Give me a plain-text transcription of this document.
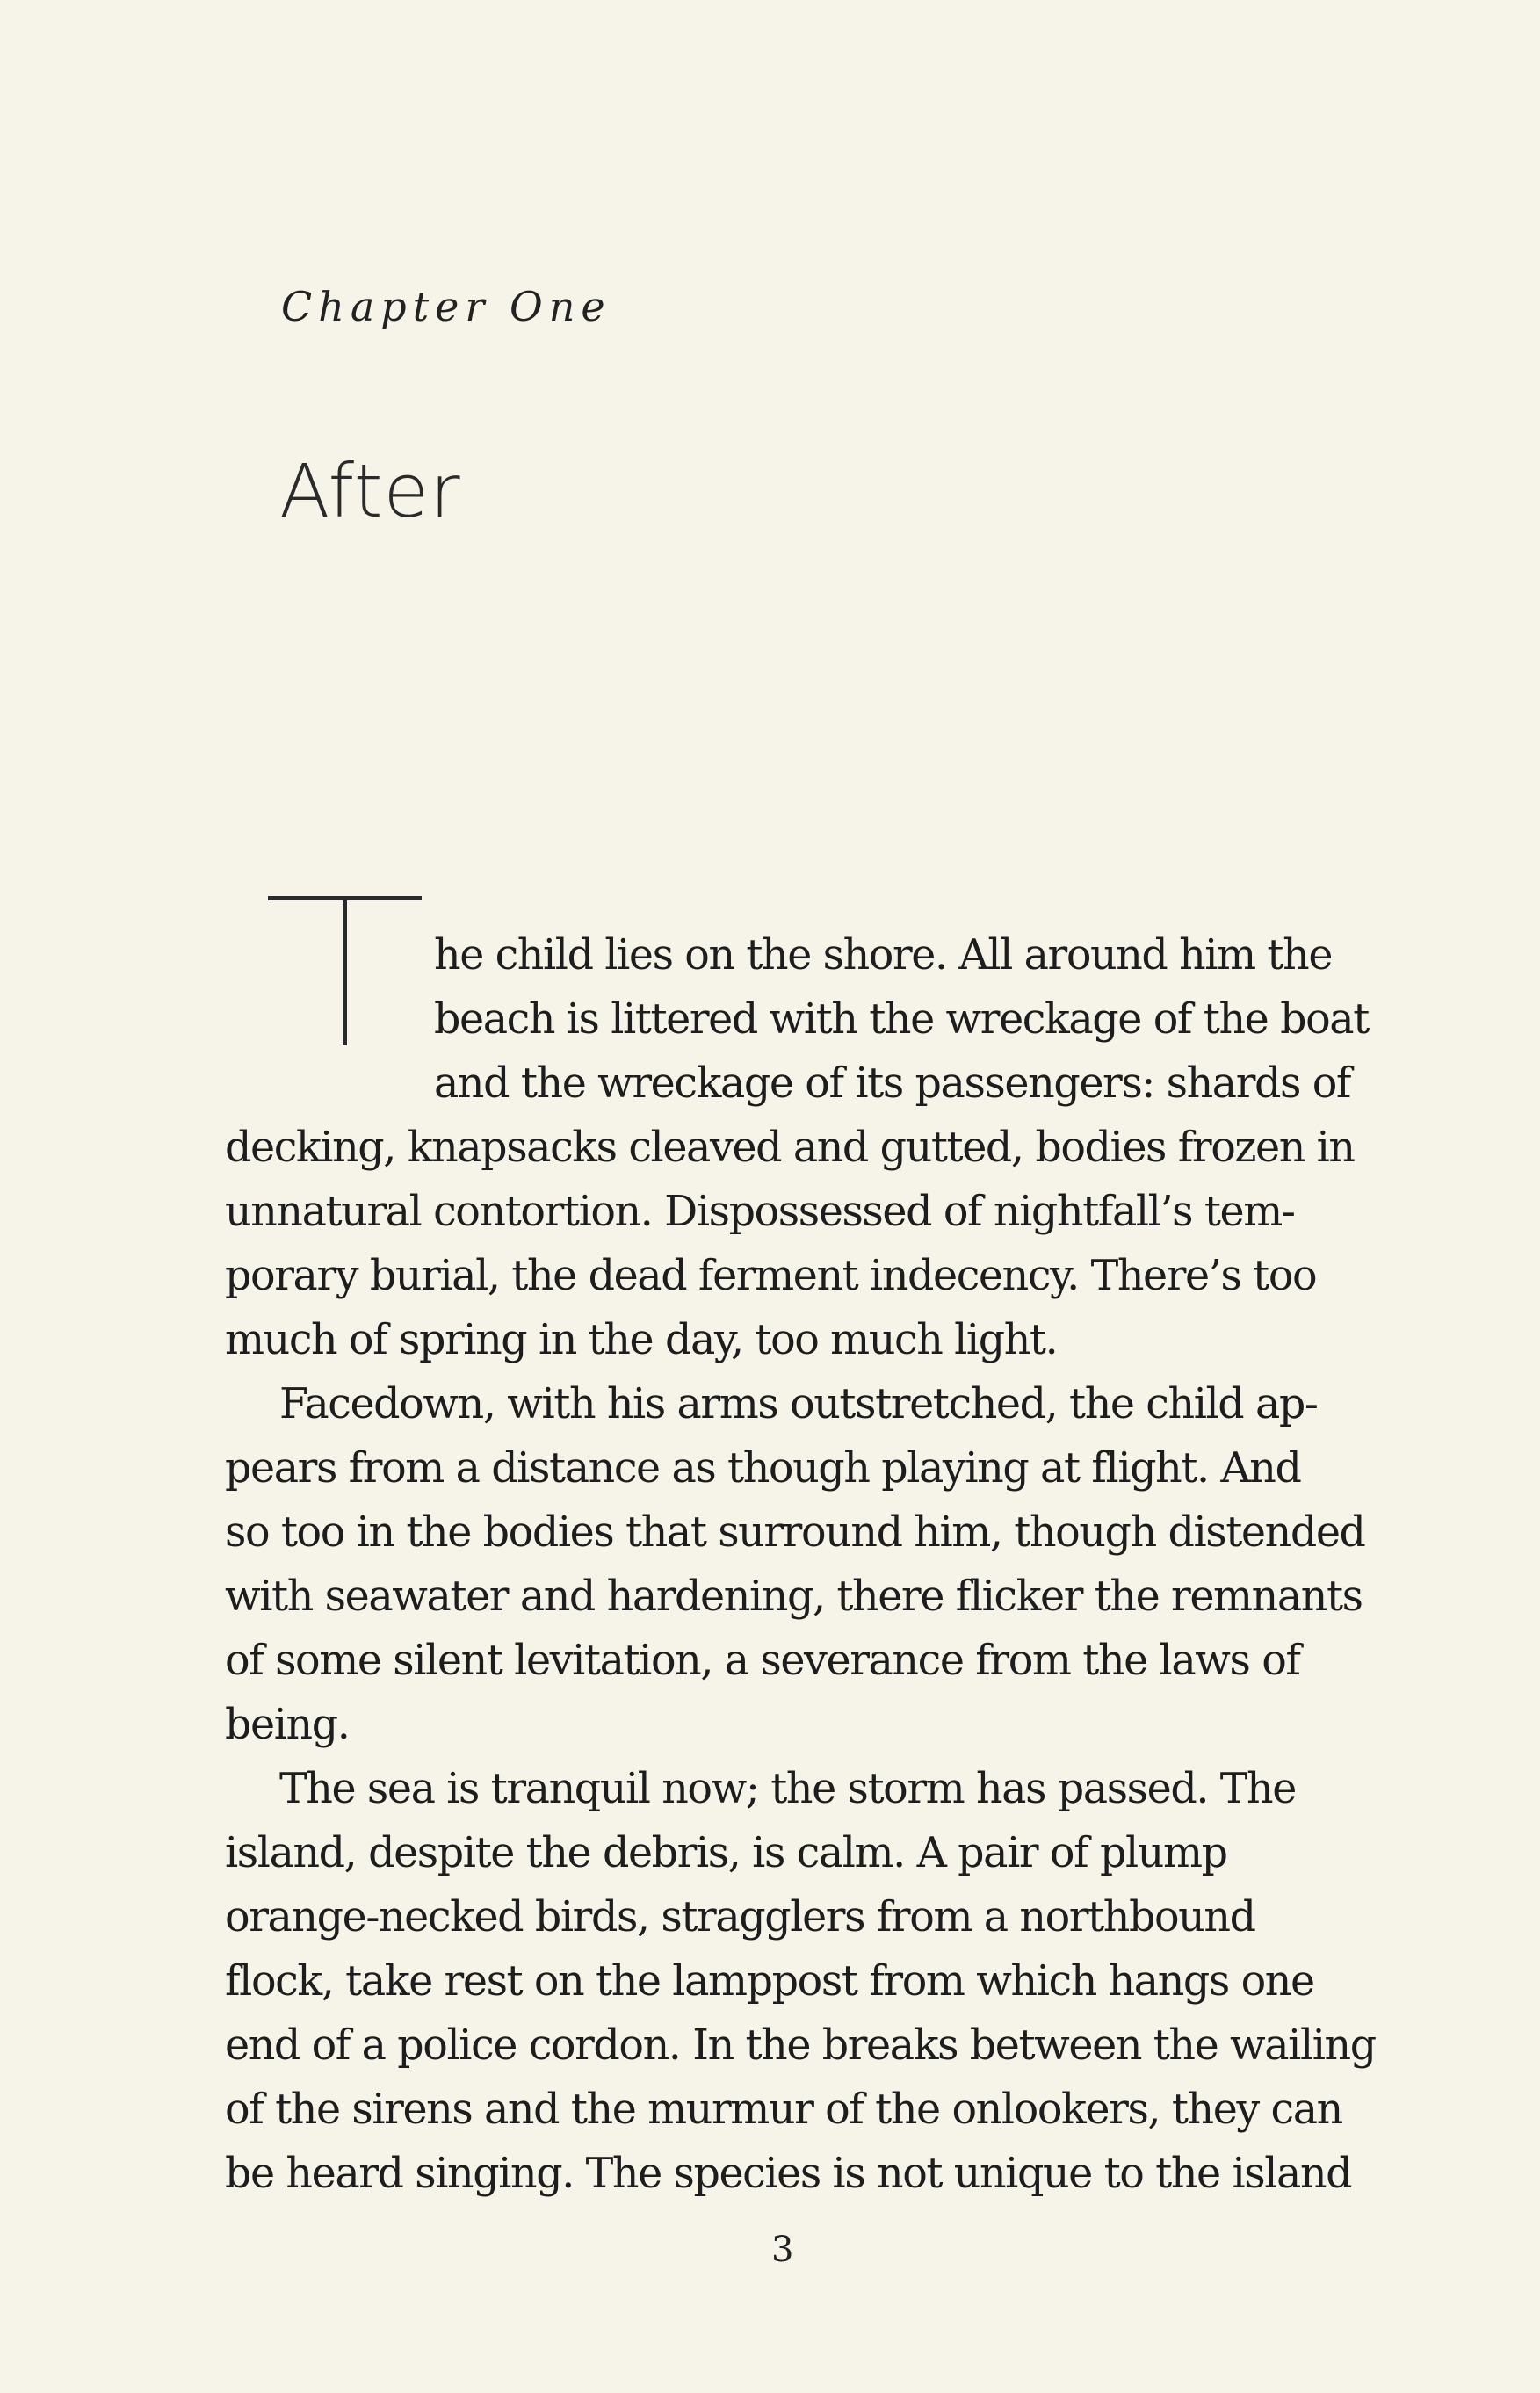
Chapter One
After
he child lies on the shore. All around him the
beach is littered with the wreckage of the boat
and the wreckage of its passengers: shards of
decking, knapsacks cleaved and gutted, bodies frozen in
unnatural contortion. Dispossessed of nightfall’s tem-
porary burial, the dead ferment indecency. There’s too
much of spring in the day, too much light.
Facedown, with his arms outstretched, the child ap-
pears from a distance as though playing at flight. And
so too in the bodies that surround him, though distended
with seawater and hardening, there flicker the remnants
of some silent levitation, a severance from the laws of
being.
The sea is tranquil now; the storm has passed. The
island, despite the debris, is calm. A pair of plump
orange-necked birds, stragglers from a northbound
flock, take rest on the lamppost from which hangs one
end of a police cordon. In the breaks between the wailing
of the sirens and the murmur of the onlookers, they can
be heard singing. The species is not unique to the island
3
